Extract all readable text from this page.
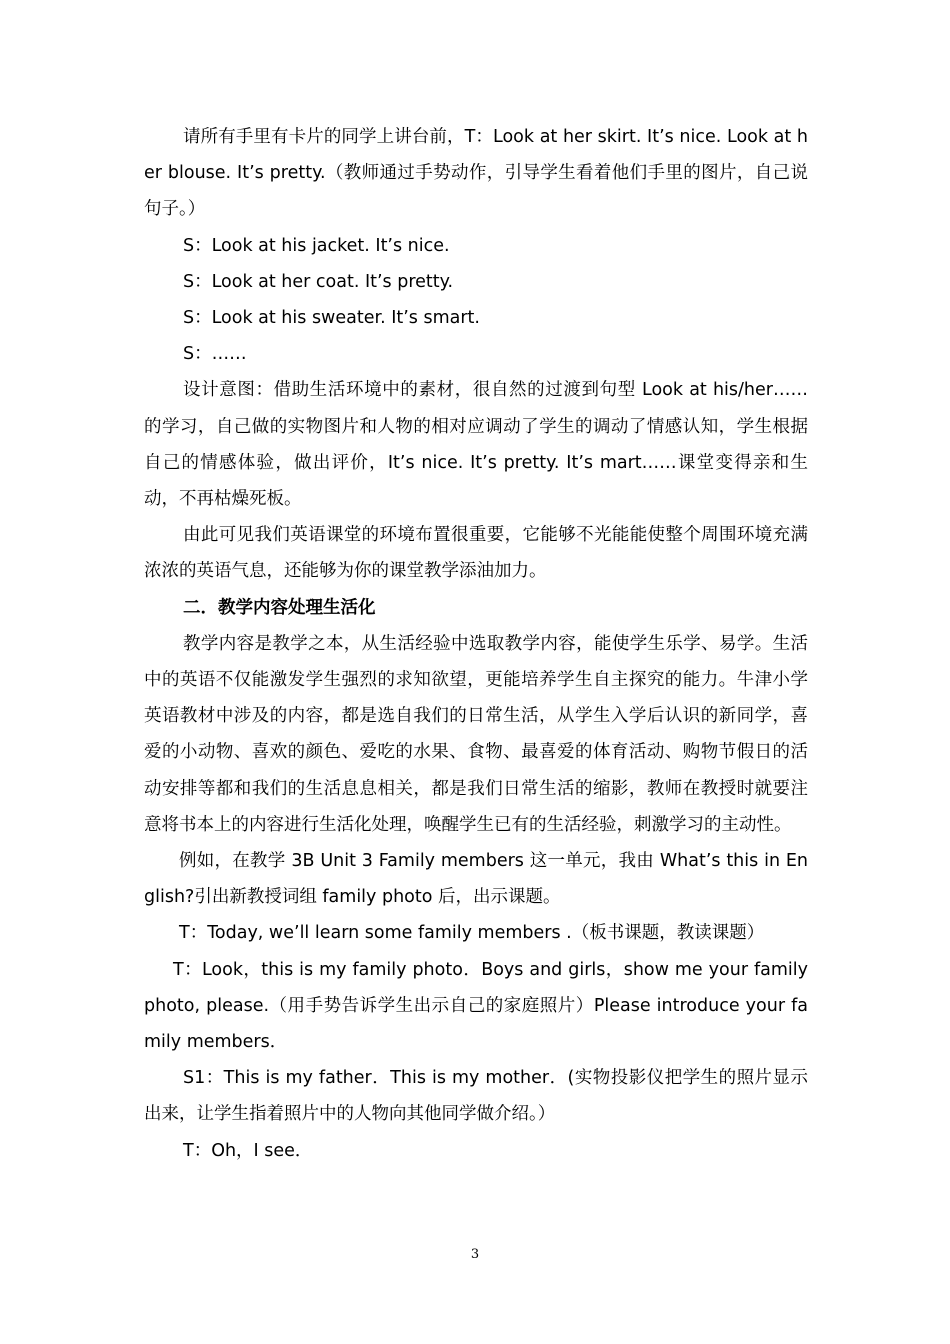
请所有手里有卡片的同学上讲台前，T：Look at her skirt. It’s nice. Look at her blouse. It’s pretty.（教师通过手势动作，引导学生看着他们手里的图片，自己说句子。）

S：Look at his jacket. It’s nice.

S：Look at her coat. It’s pretty.

S：Look at his sweater. It’s smart.

S：……

设计意图：借助生活环境中的素材，很自然的过渡到句型 Look at his/her……的学习，自己做的实物图片和人物的相对应调动了学生的调动了情感认知，学生根据自己的情感体验，做出评价，It’s nice. It’s pretty. It’s mart……课堂变得亲和生动，不再枯燥死板。

由此可见我们英语课堂的环境布置很重要，它能够不光能能使整个周围环境充满浓浓的英语气息，还能够为你的课堂教学添油加力。

二．教学内容处理生活化

教学内容是教学之本，从生活经验中选取教学内容，能使学生乐学、易学。生活中的英语不仅能激发学生强烈的求知欲望，更能培养学生自主探究的能力。牛津小学英语教材中涉及的内容，都是选自我们的日常生活，从学生入学后认识的新同学，喜爱的小动物、喜欢的颜色、爱吃的水果、食物、最喜爱的体育活动、购物节假日的活动安排等都和我们的生活息息相关，都是我们日常生活的缩影，教师在教授时就要注意将书本上的内容进行生活化处理，唤醒学生已有的生活经验，刺激学习的主动性。

例如，在教学 3B Unit 3 Family members 这一单元，我由 What’s this in English?引出新教授词组 family photo 后，出示课题。

T：Today, we’ll learn some family members .（板书课题，教读课题）

T：Look，this is my family photo．Boys and girls，show me your family photo, please.（用手势告诉学生出示自己的家庭照片）Please introduce your family members．

S1：This is my father．This is my mother．(实物投影仪把学生的照片显示出来，让学生指着照片中的人物向其他同学做介绍。）

T：Oh，I see．

3
